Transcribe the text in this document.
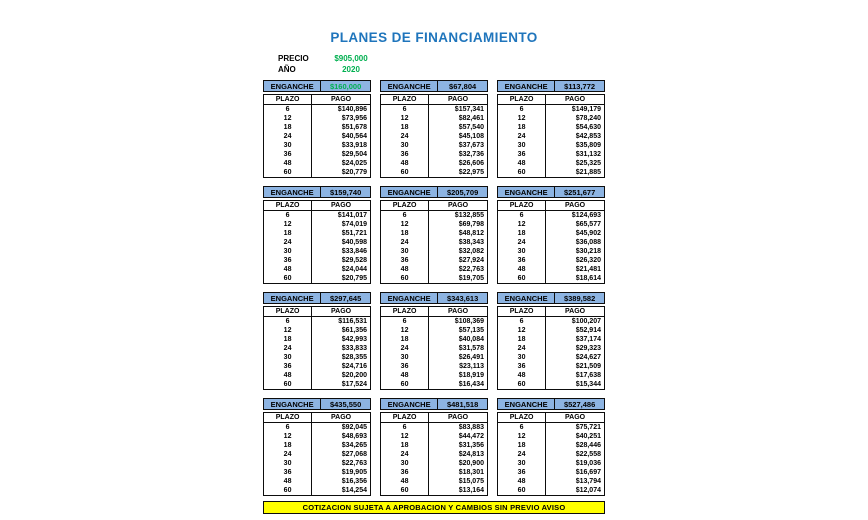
PLANES DE FINANCIAMIENTO
PRECIO	$905,000
AÑO	2020
ENGANCHE	$160,000
PLAZO	PAGO
6	$140,896
12	$73,956
18	$51,678
24	$40,564
30	$33,918
36	$29,504
48	$24,025
60	$20,779
ENGANCHE	$67,804
PLAZO	PAGO
6	$157,341
12	$82,461
18	$57,540
24	$45,108
30	$37,673
36	$32,736
48	$26,606
60	$22,975
ENGANCHE	$113,772
PLAZO	PAGO
6	$149,179
12	$78,240
18	$54,630
24	$42,853
30	$35,809
36	$31,132
48	$25,325
60	$21,885
ENGANCHE	$159,740
PLAZO	PAGO
6	$141,017
12	$74,019
18	$51,721
24	$40,598
30	$33,846
36	$29,528
48	$24,044
60	$20,795
ENGANCHE	$205,709
PLAZO	PAGO
6	$132,855
12	$69,798
18	$48,812
24	$38,343
30	$32,082
36	$27,924
48	$22,763
60	$19,705
ENGANCHE	$251,677
PLAZO	PAGO
6	$124,693
12	$65,577
18	$45,902
24	$36,088
30	$30,218
36	$26,320
48	$21,481
60	$18,614
ENGANCHE	$297,645
PLAZO	PAGO
6	$116,531
12	$61,356
18	$42,993
24	$33,833
30	$28,355
36	$24,716
48	$20,200
60	$17,524
ENGANCHE	$343,613
PLAZO	PAGO
6	$108,369
12	$57,135
18	$40,084
24	$31,578
30	$26,491
36	$23,113
48	$18,919
60	$16,434
ENGANCHE	$389,582
PLAZO	PAGO
6	$100,207
12	$52,914
18	$37,174
24	$29,323
30	$24,627
36	$21,509
48	$17,638
60	$15,344
ENGANCHE	$435,550
PLAZO	PAGO
6	$92,045
12	$48,693
18	$34,265
24	$27,068
30	$22,763
36	$19,905
48	$16,356
60	$14,254
ENGANCHE	$481,518
PLAZO	PAGO
6	$83,883
12	$44,472
18	$31,356
24	$24,813
30	$20,900
36	$18,301
48	$15,075
60	$13,164
ENGANCHE	$527,486
PLAZO	PAGO
6	$75,721
12	$40,251
18	$28,446
24	$22,558
30	$19,036
36	$16,697
48	$13,794
60	$12,074
COTIZACION SUJETA A APROBACION Y CAMBIOS SIN PREVIO AVISO
